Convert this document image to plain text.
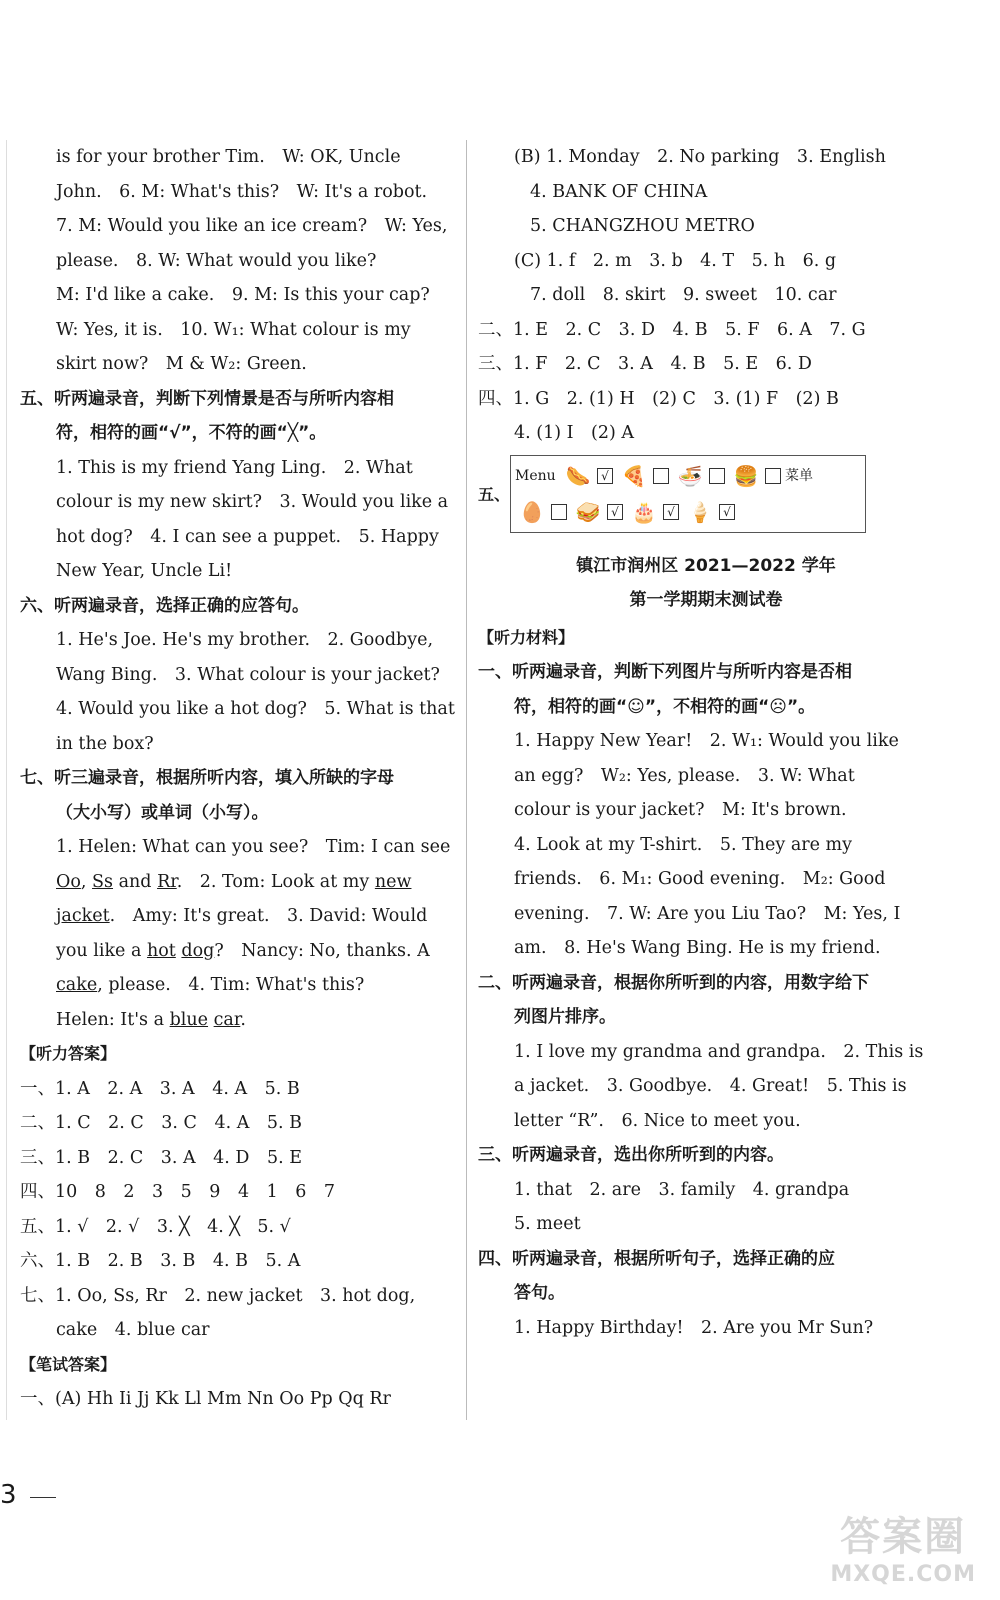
is for your brother Tim.　W: OK, Uncle
John.　6. M: What's this?　W: It's a robot.
7. M: Would you like an ice cream?　W: Yes,
please.　8. W: What would you like?
M: I'd like a cake.　9. M: Is this your cap?
W: Yes, it is.　10. W₁: What colour is my
skirt now?　M & W₂: Green.
五、听两遍录音，判断下列情景是否与所听内容相
符，相符的画“√”，不符的画“╳”。
1. This is my friend Yang Ling.　2. What
colour is my new skirt?　3. Would you like a
hot dog?　4. I can see a puppet.　5. Happy
New Year, Uncle Li!
六、听两遍录音，选择正确的应答句。
1. He's Joe. He's my brother.　2. Goodbye,
Wang Bing.　3. What colour is your jacket?
4. Would you like a hot dog?　5. What is that
in the box?
七、听三遍录音，根据所听内容，填入所缺的字母
（大小写）或单词（小写）。
1. Helen: What can you see?　Tim: I can see
Oo, Ss and Rr.　2. Tom: Look at my new
jacket.　Amy: It's great.　3. David: Would
you like a hot dog?　Nancy: No, thanks. A
cake, please.　4. Tim: What's this?
Helen: It's a blue car.
【听力答案】
一、1. A　2. A　3. A　4. A　5. B
二、1. C　2. C　3. C　4. A　5. B
三、1. B　2. C　3. A　4. D　5. E
四、10　8　2　3　5　9　4　1　6　7
五、1. √　2. √　3. ╳　4. ╳　5. √
六、1. B　2. B　3. B　4. B　5. A
七、1. Oo, Ss, Rr　2. new jacket　3. hot dog,
cake　4. blue car
【笔试答案】
一、(A) Hh Ii Jj Kk Ll Mm Nn Oo Pp Qq Rr
(B) 1. Monday　2. No parking　3. English
4. BANK OF CHINA
5. CHANGZHOU METRO
(C) 1. f　2. m　3. b　4. T　5. h　6. g
7. doll　8. skirt　9. sweet　10. car
二、1. E　2. C　3. D　4. B　5. F　6. A　7. G
三、1. F　2. C　3. A　4. B　5. E　6. D
四、1. G　2. (1) H　(2) C　3. (1) F　(2) B
4. (1) I　(2) A
五、
Menu 🌭 √ 🍕 🍜 🍔	菜单
🥚 🥪 √ 🎂 √ 🍦 √
镇江市润州区 2021—2022 学年
第一学期期末测试卷
【听力材料】
一、听两遍录音，判断下列图片与所听内容是否相
符，相符的画“☺”，不相符的画“☹”。
1. Happy New Year!　2. W₁: Would you like
an egg?　W₂: Yes, please.　3. W: What
colour is your jacket?　M: It's brown.
4. Look at my T-shirt.　5. They are my
friends.　6. M₁: Good evening.　M₂: Good
evening.　7. W: Are you Liu Tao?　M: Yes, I
am.　8. He's Wang Bing. He is my friend.
二、听两遍录音，根据你所听到的内容，用数字给下
列图片排序。
1. I love my grandma and grandpa.　2. This is
a jacket.　3. Goodbye.　4. Great!　5. This is
letter “R”.　6. Nice to meet you.
三、听两遍录音，选出你所听到的内容。
1. that　2. are　3. family　4. grandpa
5. meet
四、听两遍录音，根据所听句子，选择正确的应
答句。
1. Happy Birthday!　2. Are you Mr Sun?
3
答案圈
MXQE.COM
